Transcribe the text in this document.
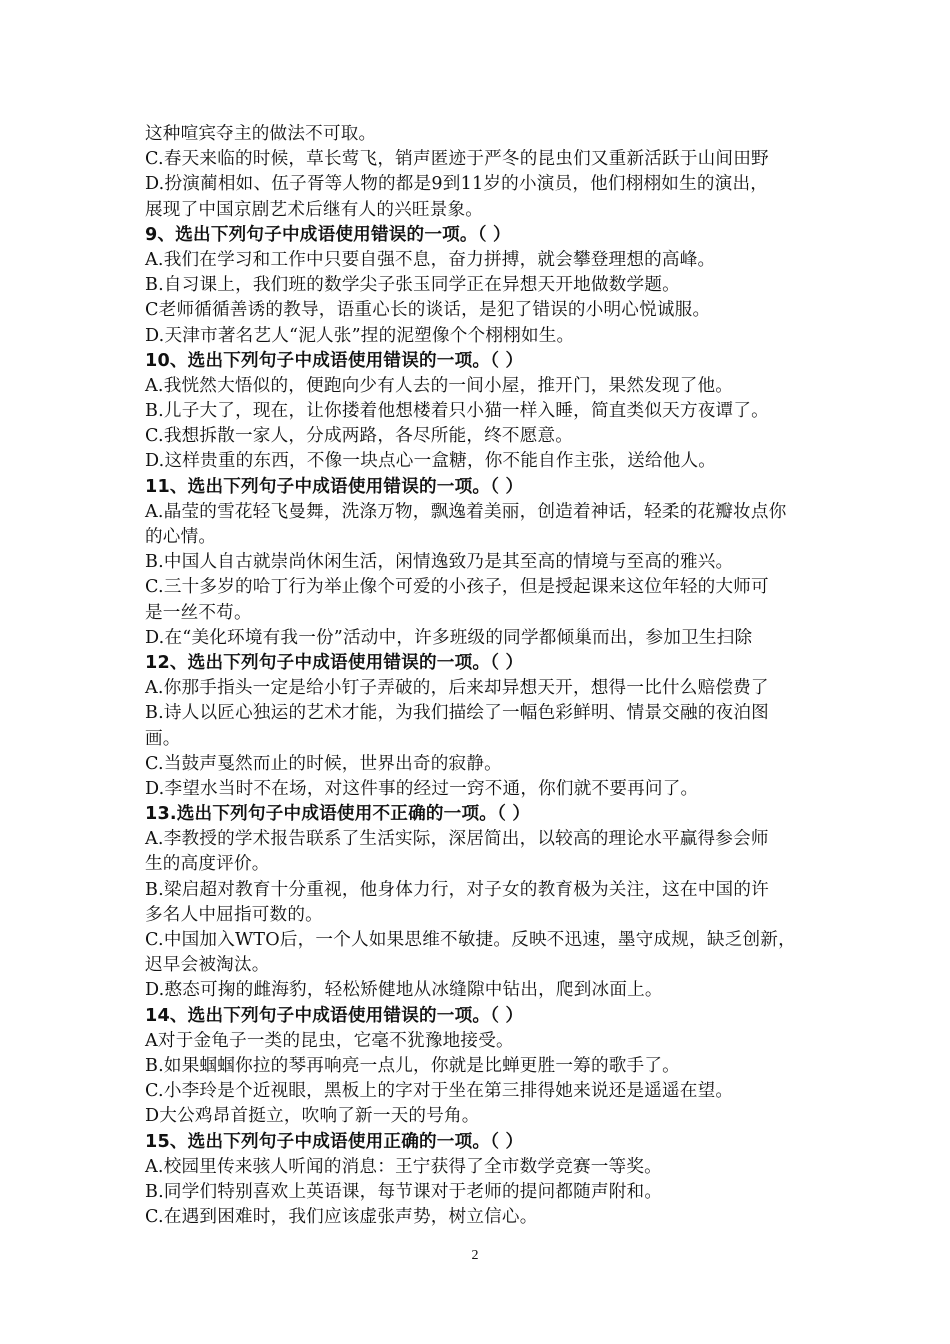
这种喧宾夺主的做法不可取。
C.春天来临的时候，草长莺飞，销声匿迹于严冬的昆虫们又重新活跃于山间田野
D.扮演蔺相如、伍子胥等人物的都是9到11岁的小演员，他们栩栩如生的演出，
展现了中国京剧艺术后继有人的兴旺景象。
9、选出下列句子中成语使用错误的一项。（ ）
A.我们在学习和工作中只要自强不息，奋力拼搏，就会攀登理想的高峰。
B.自习课上，我们班的数学尖子张玉同学正在异想天开地做数学题。
C老师循循善诱的教导，语重心长的谈话，是犯了错误的小明心悦诚服。
D.天津市著名艺人“泥人张”捏的泥塑像个个栩栩如生。
10、选出下列句子中成语使用错误的一项。（ ）
A.我恍然大悟似的，便跑向少有人去的一间小屋，推开门，果然发现了他。
B.儿子大了，现在，让你搂着他想楼着只小猫一样入睡，简直类似天方夜谭了。
C.我想拆散一家人，分成两路，各尽所能，终不愿意。
D.这样贵重的东西，不像一块点心一盒糖，你不能自作主张，送给他人。
11、选出下列句子中成语使用错误的一项。（ ）
A.晶莹的雪花轻飞曼舞，洗涤万物，飘逸着美丽，创造着神话，轻柔的花瓣妆点你
的心情。
B.中国人自古就崇尚休闲生活，闲情逸致乃是其至高的情境与至高的雅兴。
C.三十多岁的哈丁行为举止像个可爱的小孩子，但是授起课来这位年轻的大师可
是一丝不苟。
D.在“美化环境有我一份”活动中，许多班级的同学都倾巢而出，参加卫生扫除
12、选出下列句子中成语使用错误的一项。（ ）
A.你那手指头一定是给小钉子弄破的，后来却异想天开，想得一比什么赔偿费了
B.诗人以匠心独运的艺术才能，为我们描绘了一幅色彩鲜明、情景交融的夜泊图
画。
C.当鼓声戛然而止的时候，世界出奇的寂静。
D.李望水当时不在场，对这件事的经过一窍不通，你们就不要再问了。
13.选出下列句子中成语使用不正确的一项。（ ）
A.李教授的学术报告联系了生活实际，深居简出，以较高的理论水平赢得参会师
生的高度评价。
B.梁启超对教育十分重视，他身体力行，对子女的教育极为关注，这在中国的许
多名人中屈指可数的。
C.中国加入WTO后，一个人如果思维不敏捷。反映不迅速，墨守成规，缺乏创新，
迟早会被淘汰。
D.憨态可掬的雌海豹，轻松矫健地从冰缝隙中钻出，爬到冰面上。
14、选出下列句子中成语使用错误的一项。（ ）
A对于金龟子一类的昆虫，它毫不犹豫地接受。
B.如果蝈蝈你拉的琴再响亮一点儿，你就是比蝉更胜一筹的歌手了。
C.小李玲是个近视眼，黑板上的字对于坐在第三排得她来说还是遥遥在望。
D大公鸡昂首挺立，吹响了新一天的号角。
15、选出下列句子中成语使用正确的一项。（ ）
A.校园里传来骇人听闻的消息：王宁获得了全市数学竞赛一等奖。
B.同学们特别喜欢上英语课，每节课对于老师的提问都随声附和。
C.在遇到困难时，我们应该虚张声势，树立信心。
2
